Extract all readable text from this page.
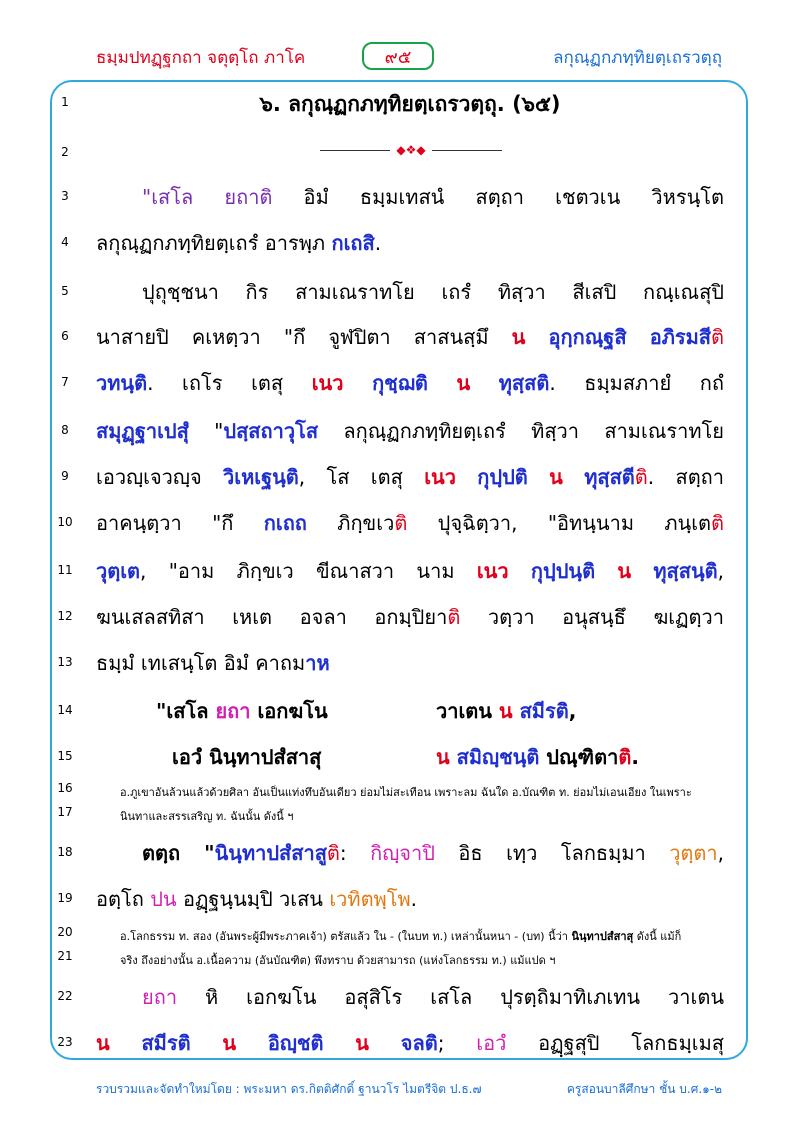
ธมฺมปทฏฺฐกถา จตุตฺโถ ภาโค	๙๕	ลกุณฺฏกภทฺทิยตฺเถรวตฺถุ
1
2
3
4
5
6
7
8
9
10
11
12
13
14
15
16
17
18
19
20
21
22
23
๖. ลกุณฺฏกภทฺทิยตฺเถรวตฺถุ. (๖๕)
◆❖◆
"เสโล ยถาติ อิมํ ธมฺมเทสนํ สตฺถา เชตวเน วิหรนฺโต
ลกุณฺฏกภทฺทิยตฺเถรํ อารพฺภ กเถสิ.
ปุถุชฺชนา กิร สามเณราทโย เถรํ ทิสฺวา สีเสปิ กณฺเณสุปิ
นาสายปิ คเหตฺวา "กึ จูฬปิตา สาสนสฺมึ น อุกฺกณฺฐสิ อภิรมสีติ
วทนฺติ. เถโร เตสุ เนว กุชฺฌติ น ทุสฺสติ. ธมฺมสภายํ กถํ
สมุฏฺฐาเปสุํ "ปสฺสถาวุโส ลกุณฺฏกภทฺทิยตฺเถรํ ทิสฺวา สามเณราทโย
เอวญฺเจวญฺจ วิเหเฐนฺติ, โส เตสุ เนว กุปฺปติ น ทุสฺสตีติ. สตฺถา
อาคนฺตฺวา "กึ กเถถ ภิกฺขเวติ ปุจฺฉิตฺวา, "อิทนฺนาม ภนฺเตติ
วุตฺเต, "อาม ภิกฺขเว ขีณาสวา นาม เนว กุปฺปนฺติ น ทุสฺสนฺติ,
ฆนเสลสทิสา เหเต อจลา อกมฺปิยาติ วตฺวา อนุสนฺธึ ฆเฏตฺวา
ธมฺมํ เทเสนฺโต อิมํ คาถมาห
"เสโล ยถา เอกฆโน	วาเตน น สมีรติ,
เอวํ นินฺทาปสํสาสุ	น สมิญฺชนฺติ ปณฺฑิตาติ.
อ.ภูเขาอันล้วนแล้วด้วยศิลา อันเป็นแท่งทึบอันเดียว ย่อมไม่สะเทือน เพราะลม ฉันใด อ.บัณฑิต ท. ย่อมไม่เอนเอียง ในเพราะ
นินทาและสรรเสริญ ท. ฉันนั้น ดังนี้ ฯ
ตตฺถ "นินฺทาปสํสาสูติ: กิญฺจาปิ อิธ เทฺว โลกธมฺมา วุตฺตา,
อตฺโถ ปน อฏฺฐนฺนมฺปิ วเสน เวทิตพฺโพ.
อ.โลกธรรม ท. สอง (อันพระผู้มีพระภาคเจ้า) ตรัสแล้ว ใน - (ในบท ท.) เหล่านั้นหนา - (บท) นี้ว่า นินฺทาปสํสาสุ ดังนี้ แม้ก็
จริง ถึงอย่างนั้น อ.เนื้อความ (อันบัณฑิต) พึงทราบ ด้วยสามารถ (แห่งโลกธรรม ท.) แม้แปด ฯ
ยถา หิ เอกฆโน อสุสิโร เสโล ปุรตฺถิมาทิเภเทน วาเตน
น สมีรติ น อิญฺชติ น จลติ; เอวํ อฏฺฐสุปิ โลกธมฺเมสุ
รวบรวมและจัดทำใหม่โดย : พระมหา ดร.กิตติศักดิ์ ฐานวโร ไมตรีจิต ป.ธ.๗	ครูสอนบาลีศึกษา ชั้น บ.ศ.๑-๒
